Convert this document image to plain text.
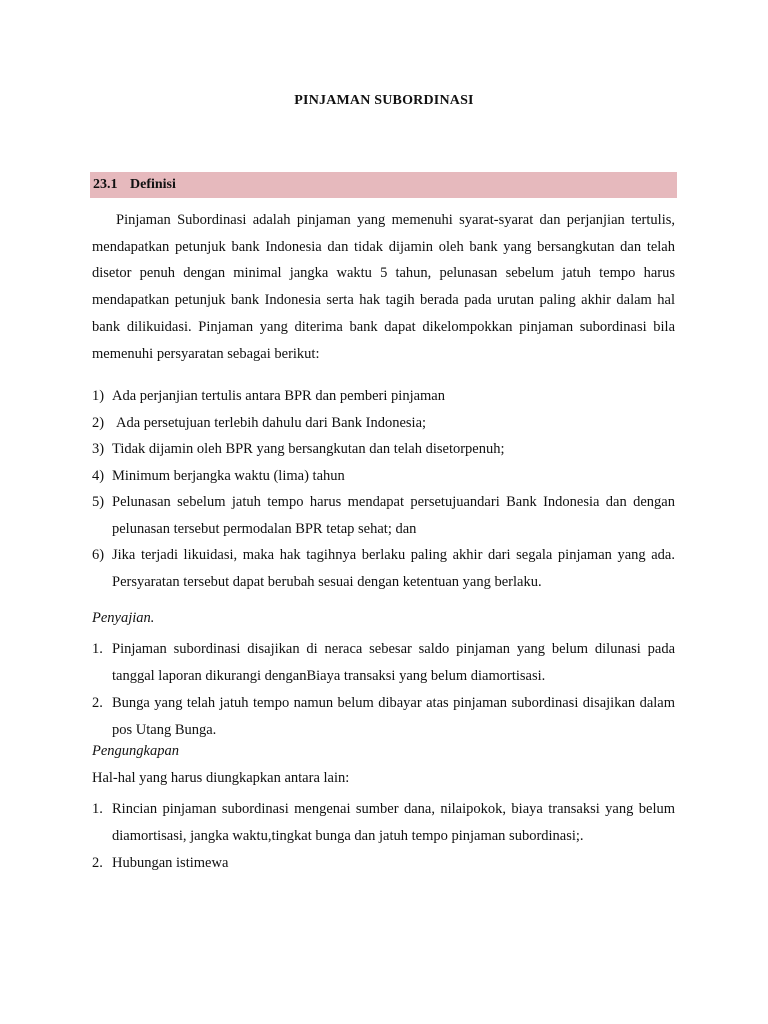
PINJAMAN SUBORDINASI
23.1 Definisi

Pinjaman Subordinasi adalah pinjaman yang memenuhi syarat-syarat dan perjanjian tertulis, mendapatkan petunjuk bank Indonesia dan tidak dijamin oleh bank yang bersangkutan dan telah disetor penuh dengan minimal jangka waktu 5 tahun, pelunasan sebelum jatuh tempo harus mendapatkan petunjuk bank Indonesia serta hak tagih berada pada urutan paling akhir dalam hal bank dilikuidasi. Pinjaman yang diterima bank dapat dikelompokkan pinjaman subordinasi bila memenuhi persyaratan sebagai berikut:

1) Ada perjanjian tertulis antara BPR dan pemberi pinjaman
2) Ada persetujuan terlebih dahulu dari Bank Indonesia;
3) Tidak dijamin oleh BPR yang bersangkutan dan telah disetorpenuh;
4) Minimum berjangka waktu (lima) tahun
5) Pelunasan sebelum jatuh tempo harus mendapat persetujuandari Bank Indonesia dan dengan pelunasan tersebut permodalan BPR tetap sehat; dan
6) Jika terjadi likuidasi, maka hak tagihnya berlaku paling akhir dari segala pinjaman yang ada. Persyaratan tersebut dapat berubah sesuai dengan ketentuan yang berlaku.
Penyajian.
1. Pinjaman subordinasi disajikan di neraca sebesar saldo pinjaman yang belum dilunasi pada tanggal laporan dikurangi denganBiaya transaksi yang belum diamortisasi.
2. Bunga yang telah jatuh tempo namun belum dibayar atas pinjaman subordinasi disajikan dalam pos Utang Bunga.
Pengungkapan
Hal-hal yang harus diungkapkan antara lain:
1. Rincian pinjaman subordinasi mengenai sumber dana, nilaipokok, biaya transaksi yang belum diamortisasi, jangka waktu,tingkat bunga dan jatuh tempo pinjaman subordinasi;.
2. Hubungan istimewa
